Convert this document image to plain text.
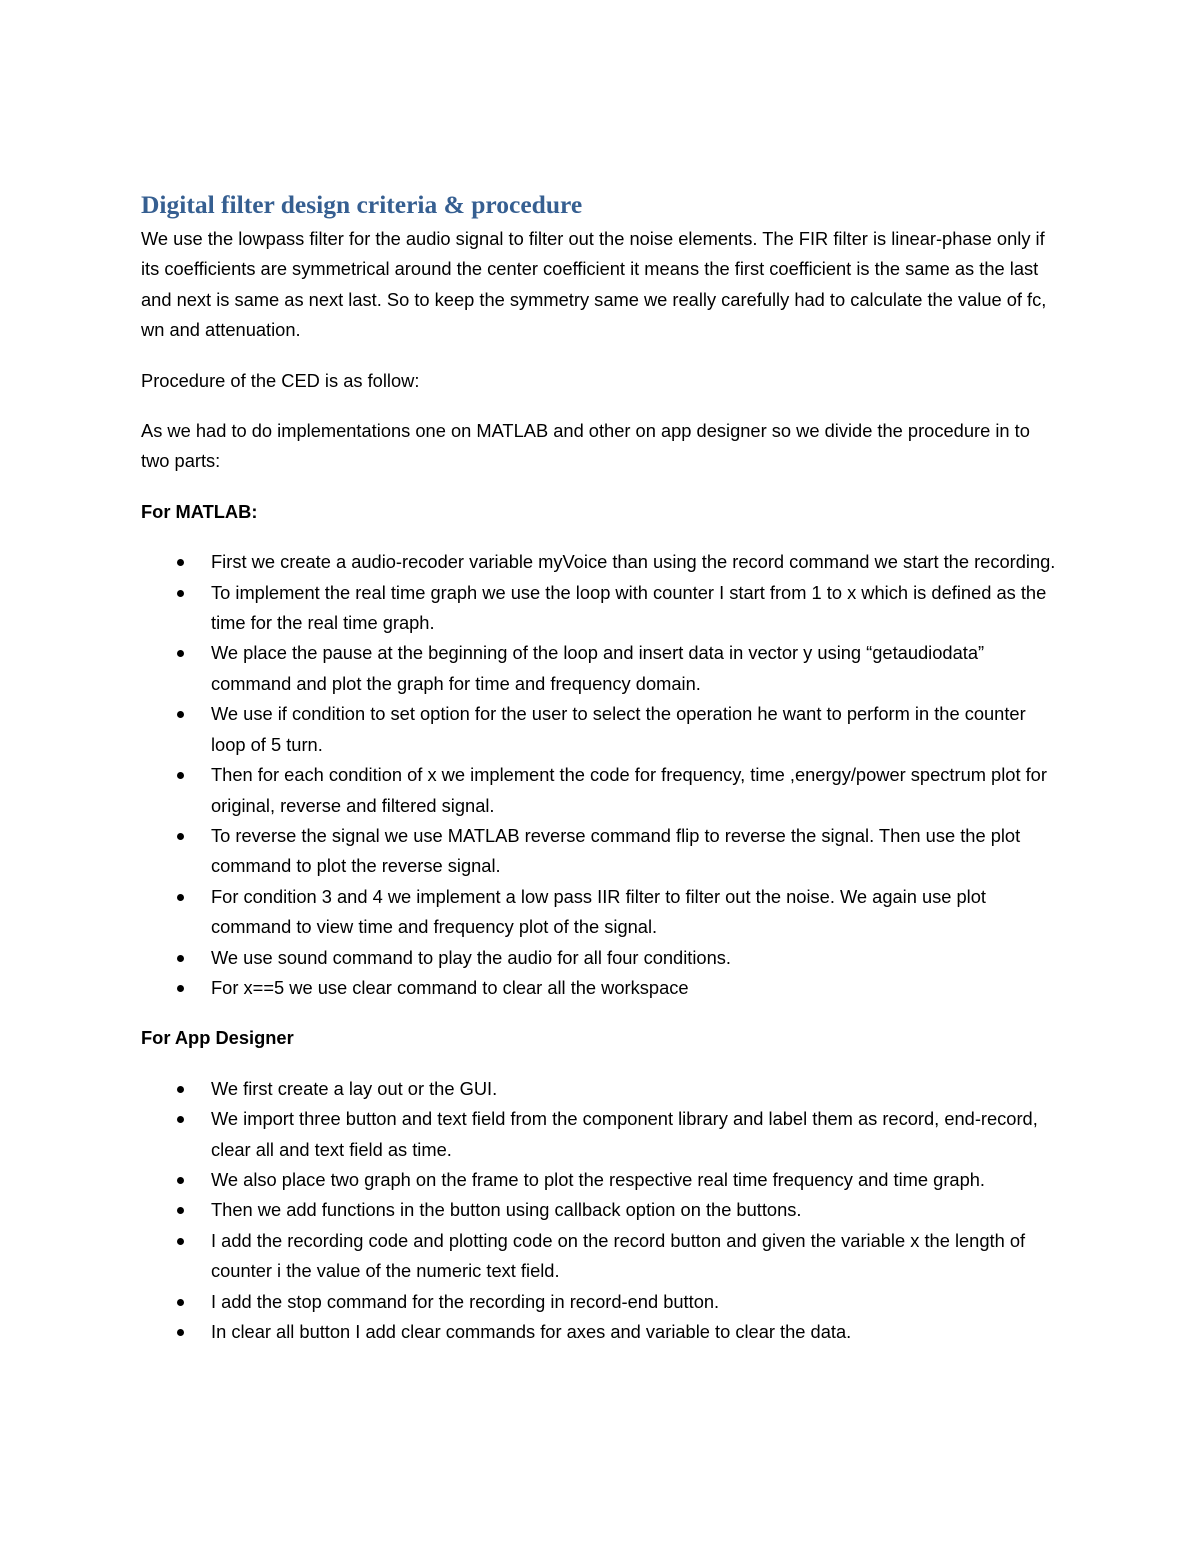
Digital filter design criteria & procedure

We use the lowpass filter for the audio signal to filter out the noise elements. The FIR filter is linear-phase only if its coefficients are symmetrical around the center coefficient it means the first coefficient is the same as the last and next is same as next last. So to keep the symmetry same we really carefully had to calculate the value of fc, wn and attenuation.

Procedure of the CED is as follow:

As we had to do implementations one on MATLAB and other on app designer so we divide the procedure in to two parts:

For MATLAB:

First we create a audio-recoder variable myVoice than using the record command we start the recording.
To implement the real time graph we use the loop with counter I start from 1 to x which is defined as the time for the real time graph.
We place the pause at the beginning of the loop and insert data in vector y using “getaudiodata” command and plot the graph for time and frequency domain.
We use if condition to set option for the user to select the operation he want to perform in the counter loop of 5 turn.
Then for each condition of x we implement the code for frequency, time ,energy/power spectrum plot for original, reverse and filtered signal.
To reverse the signal we use MATLAB reverse command flip to reverse the signal. Then use the plot command to plot the reverse signal.
For condition 3 and 4 we implement a low pass IIR filter to filter out the noise. We again use plot command to view time and frequency plot of the signal.
We use sound command to play the audio for all four conditions.
For x==5 we use clear command to clear all the workspace

For App Designer

We first create a lay out or the GUI.
We import three button and text field from the component library and label them as record, end-record, clear all and text field as time.
We also place two graph on the frame to plot the respective real time frequency and time graph.
Then we add functions in the button using callback option on the buttons.
I add the recording code and plotting code on the record button and given the variable x the length of counter i the value of the numeric text field.
I add the stop command for the recording in record-end button.
In clear all button I add clear commands for axes and variable to clear the data.
